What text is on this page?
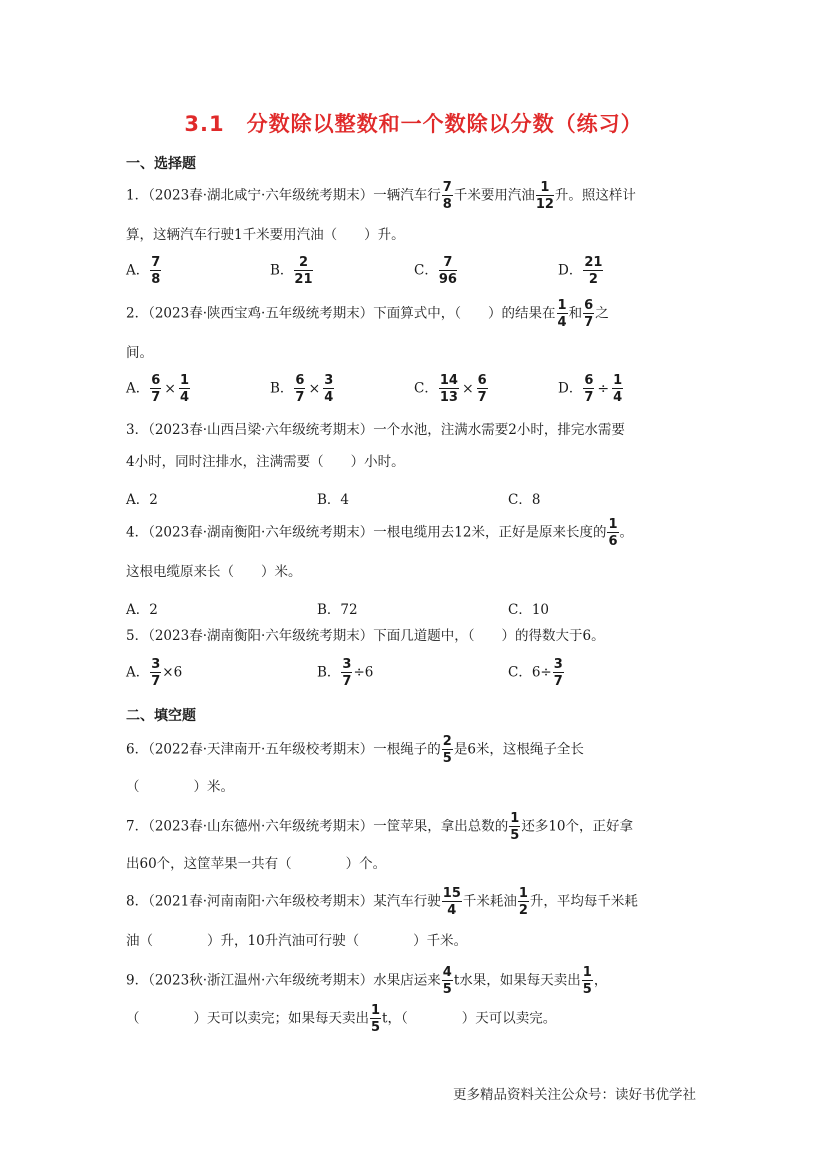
3.1　分数除以整数和一个数除以分数（练习）
一、选择题
1．（2023春·湖北咸宁·六年级统考期末）一辆汽车行 $\frac{7}{8}$ 千米要用汽油 $\frac{1}{12}$ 升。照这样计
算，这辆汽车行驶1千米要用汽油（　　）升。
A． $\frac{7}{8}$	B． $\frac{2}{21}$	C． $\frac{7}{96}$	D． $\frac{21}{2}$
2．（2023春·陕西宝鸡·五年级统考期末）下面算式中，（　　）的结果在 $\frac{1}{4}$ 和 $\frac{6}{7}$ 之
间。
A． $\frac{6}{7} \times \frac{1}{4}$	B． $\frac{6}{7} \times \frac{3}{4}$	C． $\frac{14}{13} \times \frac{6}{7}$	D． $\frac{6}{7} \div \frac{1}{4}$
3．（2023春·山西吕梁·六年级统考期末）一个水池，注满水需要2小时，排完水需要
4小时，同时注排水，注满需要（　　）小时。
A．2	B．4	C．8
4．（2023春·湖南衡阳·六年级统考期末）一根电缆用去12米，正好是原来长度的 $\frac{1}{6}$ 。
这根电缆原来长（　　）米。
A．2	B．72	C．10
5．（2023春·湖南衡阳·六年级统考期末）下面几道题中，（　　）的得数大于6。
A． $\frac{3}{7} \times 6$	B． $\frac{3}{7} \div 6$	C．$6\div \frac{3}{7}$
二、填空题
6．（2022春·天津南开·五年级校考期末）一根绳子的 $\frac{2}{5}$ 是6米，这根绳子全长
（　　　　）米。
7．（2023春·山东德州·六年级统考期末）一筐苹果，拿出总数的 $\frac{1}{5}$ 还多10个，正好拿
出60个，这筐苹果一共有（　　　　）个。
8．（2021春·河南南阳·六年级校考期末）某汽车行驶 $\frac{15}{4}$ 千米耗油 $\frac{1}{2}$ 升，平均每千米耗
油（　　　　）升，10升汽油可行驶（　　　　）千米。
9．（2023秋·浙江温州·六年级统考期末）水果店运来 $\frac{4}{5}$ t水果，如果每天卖出 $\frac{1}{5}$ ，
（　　　　）天可以卖完；如果每天卖出 $\frac{1}{5}$ t，（　　　　）天可以卖完。
更多精品资料关注公众号：读好书优学社
